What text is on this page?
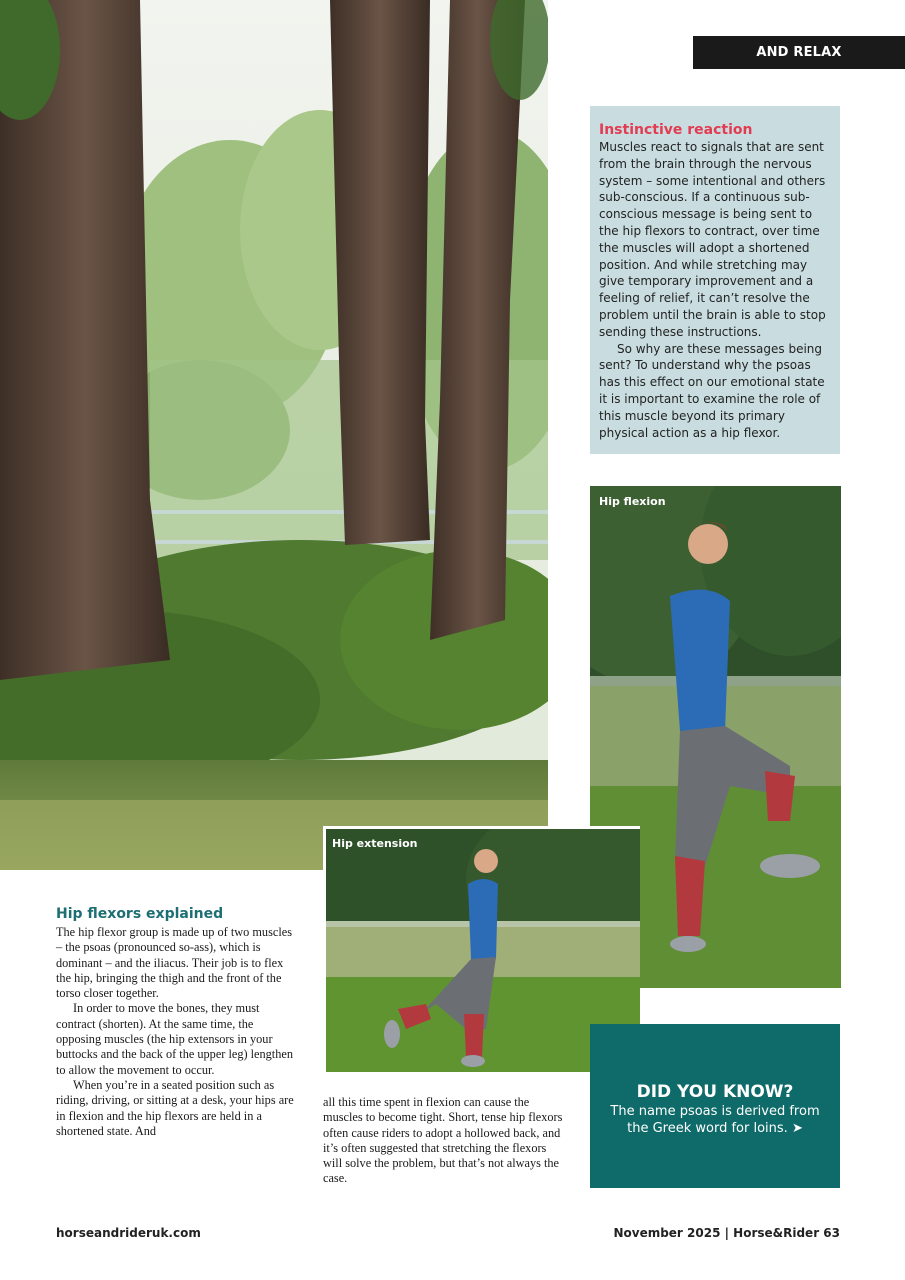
AND RELAX
Instinctive reaction

Muscles react to signals that are sent from the brain through the nervous system – some intentional and others sub-conscious. If a continuous sub-conscious message is being sent to the hip flexors to contract, over time the muscles will adopt a shortened position. And while stretching may give temporary improvement and a feeling of relief, it can’t resolve the problem until the brain is able to stop sending these instructions.

So why are these messages being sent? To understand why the psoas has this effect on our emotional state it is important to examine the role of this muscle beyond its primary physical action as a hip flexor.

Hip flexion
Hip extension
Hip flexors explained

The hip flexor group is made up of two muscles – the psoas (pronounced so-ass), which is dominant – and the iliacus. Their job is to flex the hip, bringing the thigh and the front of the torso closer together.

In order to move the bones, they must contract (shorten). At the same time, the opposing muscles (the hip extensors in your buttocks and the back of the upper leg) lengthen to allow the movement to occur.

When you’re in a seated position such as riding, driving, or sitting at a desk, your hips are in flexion and the hip flexors are held in a shortened state. And

all this time spent in flexion can cause the muscles to become tight. Short, tense hip flexors often cause riders to adopt a hollowed back, and it’s often suggested that stretching the flexors will solve the problem, but that’s not always the case.

DID YOU KNOW?

The name psoas is derived from the Greek word for loins. ➤

horseandrideruk.com	November 2025 | Horse&Rider 63
